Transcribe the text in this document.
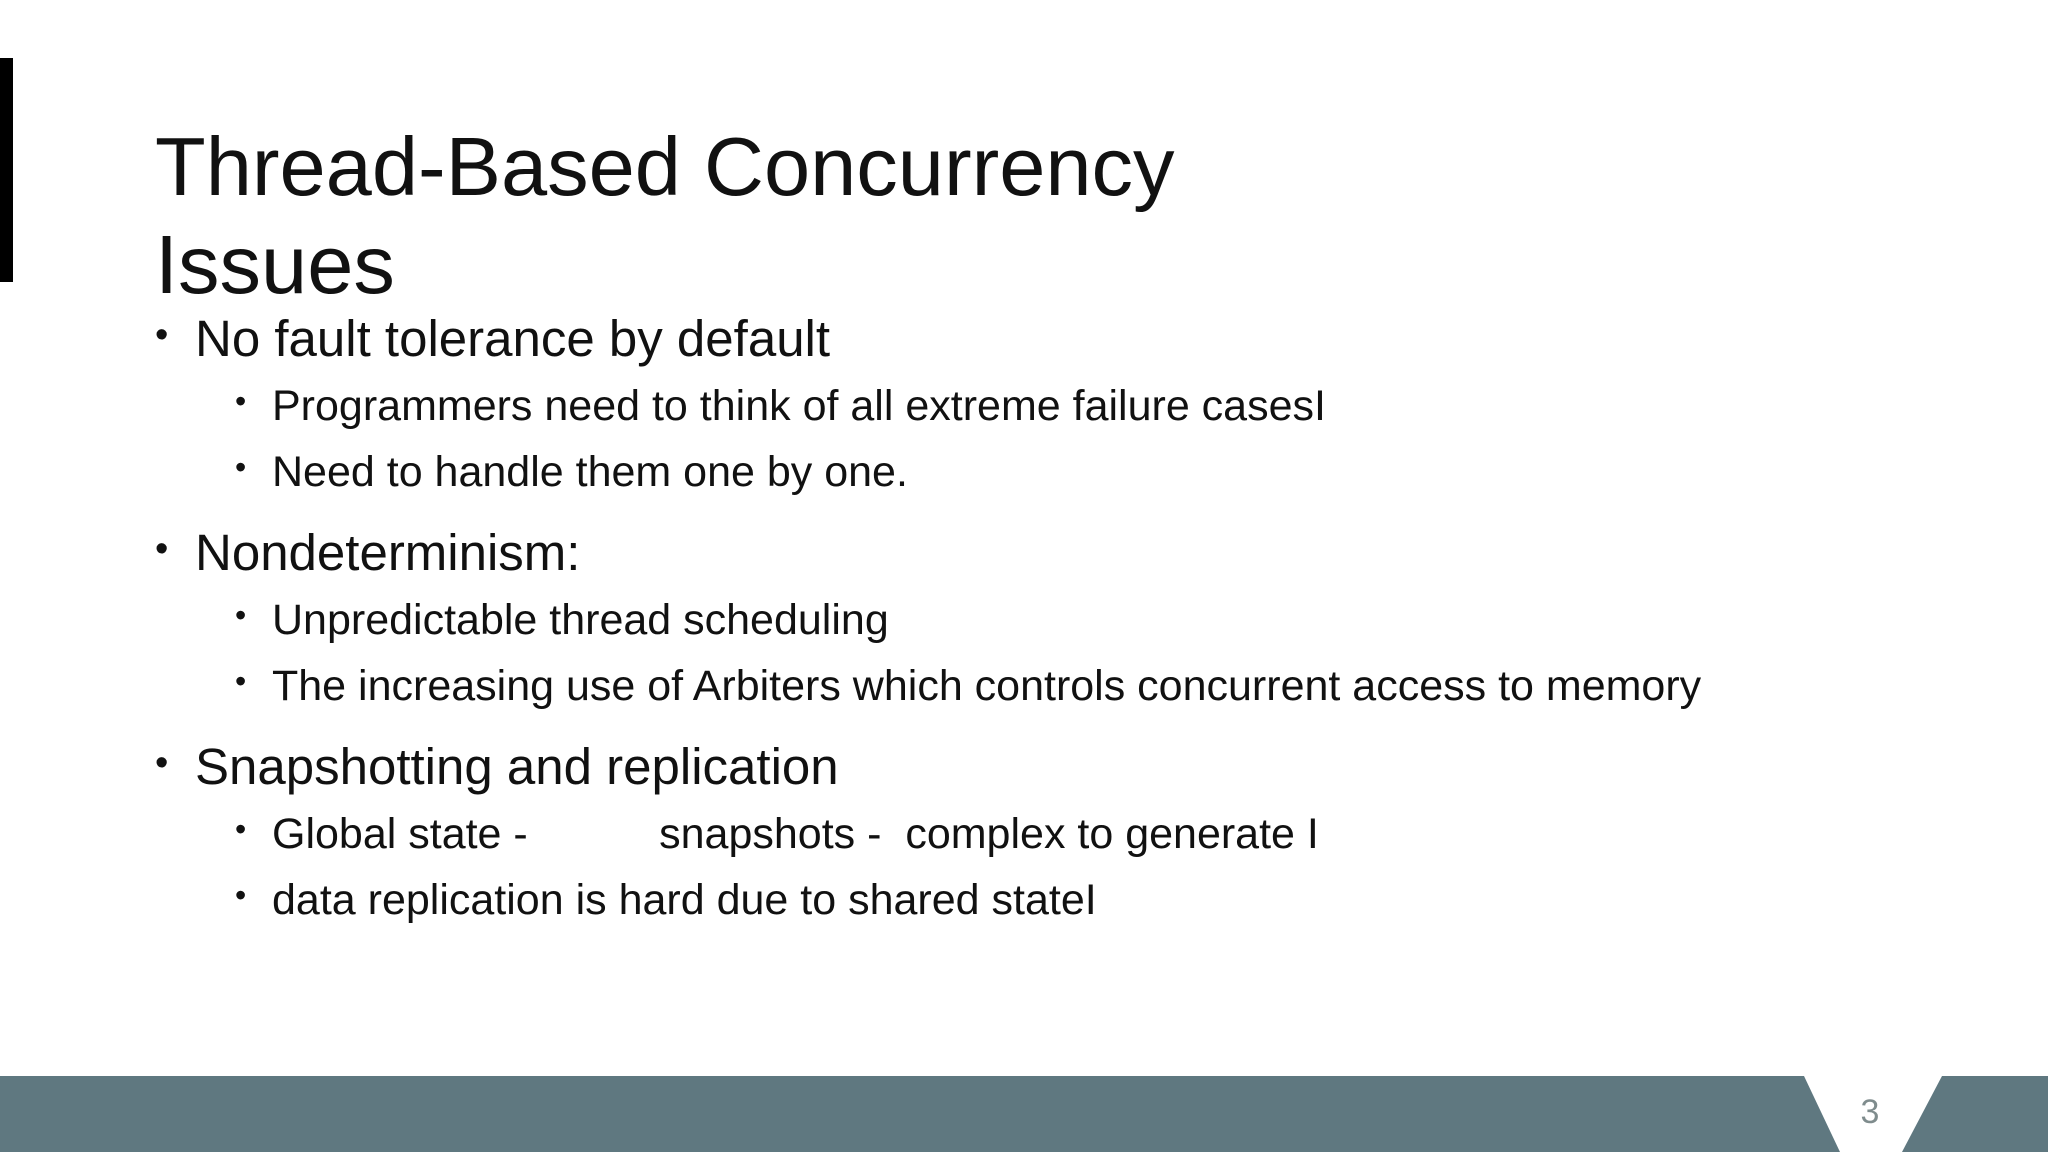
Thread-Based Concurrency
Issues
• No fault tolerance by default
• Programmers need to think of all extreme failure casesI
• Need to handle them one by one.
• Nondeterminism:
• Unpredictable thread scheduling
• The increasing use of Arbiters which controls concurrent access to memory
• Snapshotting and replication
• Global state -           snapshots -  complex to generate I
• data replication is hard due to shared stateI
3
